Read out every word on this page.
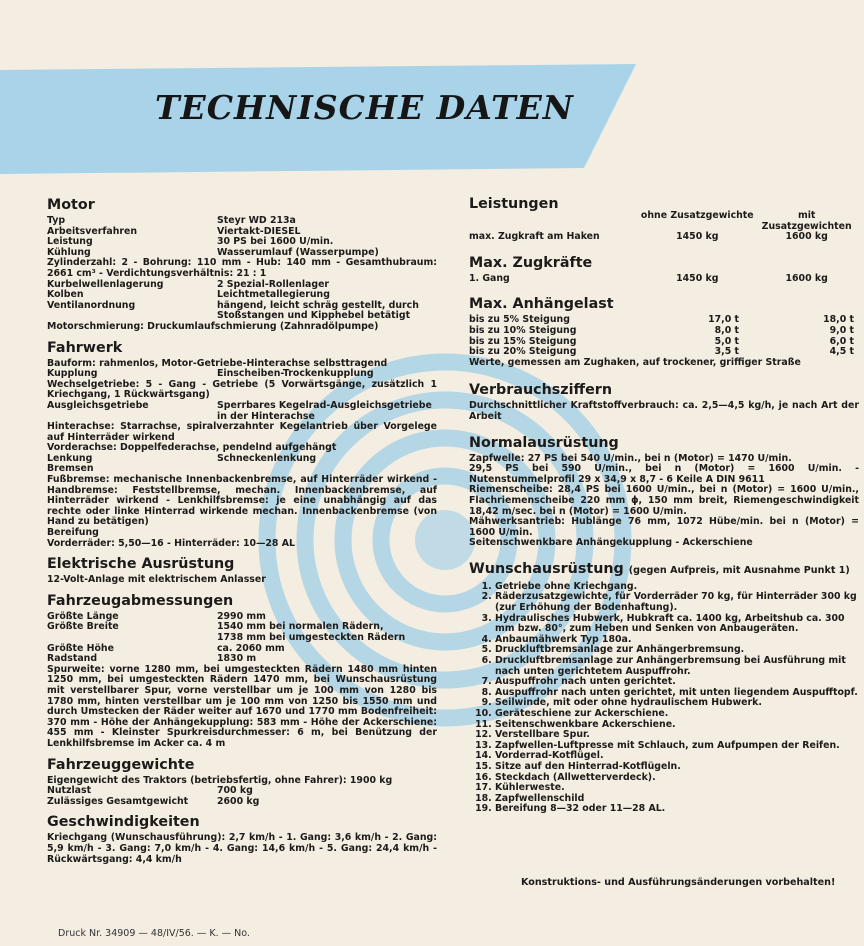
TECHNISCHE DATEN
Motor
Typ	Steyr WD 213a
Arbeitsverfahren	Viertakt-DIESEL
Leistung	30 PS bei 1600 U/min.
Kühlung	Wasserumlauf (Wasserpumpe)
Zylinderzahl: 2 - Bohrung: 110 mm - Hub: 140 mm - Gesamthubraum: 2661 cm³ - Verdichtungsverhältnis: 21 : 1
Kurbelwellenlagerung	2 Spezial-Rollenlager
Kolben	Leichtmetallegierung
Ventilanordnung	hängend, leicht schräg gestellt, durch Stoßstangen und Kipphebel betätigt
Motorschmierung: Druckumlaufschmierung (Zahnradölpumpe)
Fahrwerk
Bauform: rahmenlos, Motor-Getriebe-Hinterachse selbsttragend
Kupplung	Einscheiben-Trockenkupplung
Wechselgetriebe: 5 - Gang - Getriebe (5 Vorwärtsgänge, zusätzlich 1 Kriechgang, 1 Rückwärtsgang)
Ausgleichsgetriebe	Sperrbares Kegelrad-Ausgleichsgetriebe in der Hinterachse
Hinterachse: Starrachse, spiralverzahnter Kegelantrieb über Vorgelege auf Hinterräder wirkend
Vorderachse: Doppelfederachse, pendelnd aufgehängt
Lenkung	Schneckenlenkung
Bremsen
Fußbremse: mechanische Innenbackenbremse, auf Hinterräder wirkend - Handbremse: Feststellbremse, mechan. Innenbackenbremse, auf Hinterräder wirkend - Lenkhilfsbremse: je eine unabhängig auf das rechte oder linke Hinterrad wirkende mechan. Innenbackenbremse (von Hand zu betätigen)
Bereifung
Vorderräder: 5,50—16 - Hinterräder: 10—28 AL
Elektrische Ausrüstung
12-Volt-Anlage mit elektrischem Anlasser
Fahrzeugabmessungen
Größte Länge	2990 mm
Größte Breite	1540 mm bei normalen Rädern,
1738 mm bei umgesteckten Rädern
Größte Höhe	ca. 2060 mm
Radstand	1830 m
Spurweite: vorne 1280 mm, bei umgesteckten Rädern 1480 mm hinten 1250 mm, bei umgesteckten Rädern 1470 mm, bei Wunschausrüstung mit verstellbarer Spur, vorne verstellbar um je 100 mm von 1280 bis 1780 mm, hinten verstellbar um je 100 mm von 1250 bis 1550 mm und durch Umstecken der Räder weiter auf 1670 und 1770 mm Bodenfreiheit: 370 mm - Höhe der Anhängekupplung: 583 mm - Höhe der Ackerschiene: 455 mm - Kleinster Spurkreisdurchmesser: 6 m, bei Benützung der Lenkhilfsbremse im Acker ca. 4 m
Fahrzeuggewichte
Eigengewicht des Traktors (betriebsfertig, ohne Fahrer): 1900 kg
Nutzlast	700 kg
Zulässiges Gesamtgewicht	2600 kg
Geschwindigkeiten
Kriechgang (Wunschausführung): 2,7 km/h - 1. Gang: 3,6 km/h - 2. Gang: 5,9 km/h - 3. Gang: 7,0 km/h - 4. Gang: 14,6 km/h - 5. Gang: 24,4 km/h - Rückwärtsgang: 4,4 km/h
Leistungen
ohne Zusatzgewichte	mit Zusatzgewichten
max. Zugkraft am Haken	1450 kg	1600 kg
Max. Zugkräfte
1. Gang	1450 kg	1600 kg
Max. Anhängelast
bis zu 5% Steigung	17,0 t	18,0 t
bis zu 10% Steigung	8,0 t	9,0 t
bis zu 15% Steigung	5,0 t	6,0 t
bis zu 20% Steigung	3,5 t	4,5 t
Werte, gemessen am Zughaken, auf trockener, griffiger Straße
Verbrauchsziffern
Durchschnittlicher Kraftstoffverbrauch: ca. 2,5—4,5 kg/h, je nach Art der Arbeit
Normalausrüstung
Zapfwelle: 27 PS bei 540 U/min., bei n (Motor) = 1470 U/min.
29,5 PS bei 590 U/min., bei n (Motor) = 1600 U/min. - Nutenstummelprofil 29 x 34,9 x 8,7 - 6 Keile A DIN 9611
Riemenscheibe: 28,4 PS bei 1600 U/min., bei n (Motor) = 1600 U/min., Flachriemenscheibe 220 mm ϕ, 150 mm breit, Riemengeschwindigkeit 18,42 m/sec. bei n (Motor) = 1600 U/min.
Mähwerksantrieb: Hublänge 76 mm, 1072 Hübe/min. bei n (Motor) = 1600 U/min.
Seitenschwenkbare Anhängekupplung - Ackerschiene
Wunschausrüstung (gegen Aufpreis, mit Ausnahme Punkt 1)
1. Getriebe ohne Kriechgang.
2. Räderzusatzgewichte, für Vorderräder 70 kg, für Hinterräder 300 kg (zur Erhöhung der Bodenhaftung).
3. Hydraulisches Hubwerk, Hubkraft ca. 1400 kg, Arbeitshub ca. 300 mm bzw. 80°, zum Heben und Senken von Anbaugeräten.
4. Anbaumähwerk Typ 180a.
5. Druckluftbremsanlage zur Anhängerbremsung.
6. Druckluftbremsanlage zur Anhängerbremsung bei Ausführung mit nach unten gerichtetem Auspuffrohr.
7. Auspuffrohr nach unten gerichtet.
8. Auspuffrohr nach unten gerichtet, mit unten liegendem Auspufftopf.
9. Seilwinde, mit oder ohne hydraulischem Hubwerk.
10. Geräteschiene zur Ackerschiene.
11. Seitenschwenkbare Ackerschiene.
12. Verstellbare Spur.
13. Zapfwellen-Luftpresse mit Schlauch, zum Aufpumpen der Reifen.
14. Vorderrad-Kotflügel.
15. Sitze auf den Hinterrad-Kotflügeln.
16. Steckdach (Allwetterverdeck).
17. Kühlerweste.
18. Zapfwellenschild
19. Bereifung 8—32 oder 11—28 AL.
Konstruktions- und Ausführungsänderungen vorbehalten!
Druck Nr. 34909 — 48/IV/56. — K. — No.
